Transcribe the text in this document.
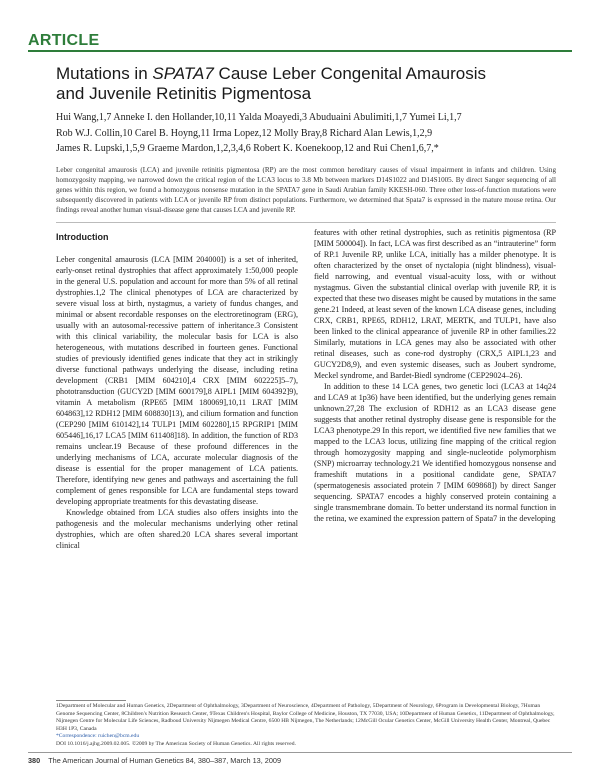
ARTICLE
Mutations in SPATA7 Cause Leber Congenital Amaurosis
and Juvenile Retinitis Pigmentosa
Hui Wang,1,7 Anneke I. den Hollander,10,11 Yalda Moayedi,3 Abuduaini Abulimiti,1,7 Yumei Li,1,7
Rob W.J. Collin,10 Carel B. Hoyng,11 Irma Lopez,12 Molly Bray,8 Richard Alan Lewis,1,2,9
James R. Lupski,1,5,9 Graeme Mardon,1,2,3,4,6 Robert K. Koenekoop,12 and Rui Chen1,6,7,*
Leber congenital amaurosis (LCA) and juvenile retinitis pigmentosa (RP) are the most common hereditary causes of visual impairment in infants and children. Using homozygosity mapping, we narrowed down the critical region of the LCA3 locus to 3.8 Mb between markers D14S1022 and D14S1005. By direct Sanger sequencing of all genes within this region, we found a homozygous nonsense mutation in the SPATA7 gene in Saudi Arabian family KKESH-060. Three other loss-of-function mutations were subsequently discovered in patients with LCA or juvenile RP from distinct populations. Furthermore, we determined that Spata7 is expressed in the mature mouse retina. Our findings reveal another human visual-disease gene that causes LCA and juvenile RP.
Introduction

Leber congenital amaurosis (LCA [MIM 204000]) is a set of inherited, early-onset retinal dystrophies that affect approximately 1:50,000 people in the general U.S. population and account for more than 5% of all retinal dystrophies.1,2 The clinical phenotypes of LCA are characterized by severe visual loss at birth, nystagmus, a variety of fundus changes, and minimal or absent recordable responses on the electroretinogram (ERG), usually with an autosomal-recessive pattern of inheritance.3 Consistent with this clinical variability, the molecular basis for LCA is also heterogeneous, with mutations described in fourteen genes. Functional studies of previously identified genes indicate that they act in strikingly diverse functional pathways underlying the disease, including retina development (CRB1 [MIM 604210],4 CRX [MIM 602225]5–7), phototransduction (GUCY2D [MIM 600179],8 AIPL1 [MIM 604392]9), vitamin A metabolism (RPE65 [MIM 180069],10,11 LRAT [MIM 604863],12 RDH12 [MIM 608830]13), and cilium formation and function (CEP290 [MIM 610142],14 TULP1 [MIM 602280],15 RPGRIP1 [MIM 605446],16,17 LCA5 [MIM 611408]18). In addition, the function of RD3 remains unclear.19 Because of these profound differences in the underlying mechanisms of LCA, accurate molecular diagnosis of the disease is essential for the proper management of LCA patients. Therefore, identifying new genes and pathways and ascertaining the full complement of genes responsible for LCA are fundamental steps toward developing appropriate treatments for this devastating disease.

Knowledge obtained from LCA studies also offers insights into the pathogenesis and the molecular mechanisms underlying other retinal dystrophies, which are often shared.20 LCA shares several important clinical

features with other retinal dystrophies, such as retinitis pigmentosa (RP [MIM 500004]). In fact, LCA was first described as an “intrauterine” form of RP.1 Juvenile RP, unlike LCA, initially has a milder phenotype. It is often characterized by the onset of nyctalopia (night blindness), visual-field narrowing, and eventual visual-acuity loss, with or without nystagmus. Given the substantial clinical overlap with juvenile RP, it is expected that these two diseases might be caused by mutations in the same gene.21 Indeed, at least seven of the known LCA disease genes, including CRX, CRB1, RPE65, RDH12, LRAT, MERTK, and TULP1, have also been linked to the clinical appearance of juvenile RP in other families.22 Similarly, mutations in LCA genes may also be associated with other retinal diseases, such as cone-rod dystrophy (CRX,5 AIPL1,23 and GUCY2D8,9), and even systemic diseases, such as Joubert syndrome, Meckel syndrome, and Bardet-Biedl syndrome (CEP29024–26).

In addition to these 14 LCA genes, two genetic loci (LCA3 at 14q24 and LCA9 at 1p36) have been identified, but the underlying genes remain unknown.27,28 The exclusion of RDH12 as an LCA3 disease gene suggests that another retinal dystrophy disease gene is responsible for the LCA3 phenotype.29 In this report, we identified five new families that we mapped to the LCA3 locus, utilizing fine mapping of the critical region through homozygosity mapping and single-nucleotide polymorphism (SNP) microarray technology.21 We identified homozygous nonsense and frameshift mutations in a positional candidate gene, SPATA7 (spermatogenesis associated protein 7 [MIM 609868]) by direct Sanger sequencing. SPATA7 encodes a highly conserved protein containing a single transmembrane domain. To better understand its normal function in the retina, we examined the expression pattern of Spata7 in the developing

1Department of Molecular and Human Genetics, 2Department of Ophthalmology, 3Department of Neuroscience, 4Department of Pathology, 5Department of Neurology, 6Program in Developmental Biology, 7Human Genome Sequencing Center, 8Children's Nutrition Research Center, 9Texas Children's Hospital, Baylor College of Medicine, Houston, TX 77030, USA; 10Department of Human Genetics, 11Department of Ophthalmology, Nijmegen Centre for Molecular Life Sciences, Radboud University Nijmegen Medical Centre, 6500 HB Nijmegen, The Netherlands; 12McGill Ocular Genetics Center, McGill University Health Center, Montreal, Quebec H3H 1P3, Canada
*Correspondence: ruichen@bcm.edu
DOI 10.1016/j.ajhg.2009.02.005. ©2009 by The American Society of Human Genetics. All rights reserved.
380 The American Journal of Human Genetics 84, 380–387, March 13, 2009
